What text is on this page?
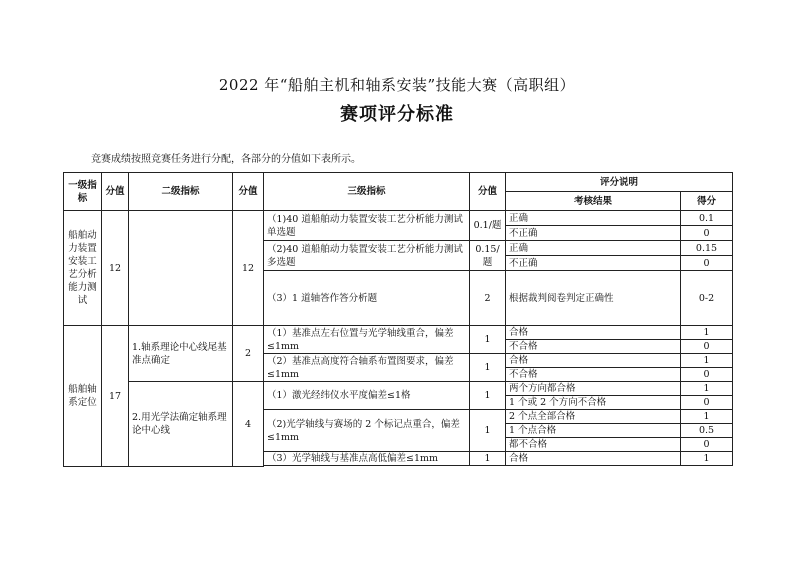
2022 年“船舶主机和轴系安装”技能大赛（高职组）
赛项评分标准
竞赛成绩按照竞赛任务进行分配，各部分的分值如下表所示。
一级指标	分值	二级指标	分值	三级指标	分值	评分说明	
						考核结果	得分
船舶动力装置安装工艺分析能力测试	12		12	（1)40 道船舶动力装置安装工艺分析能力测试单选题	0.1/题	正确	0.1
						不正确	0
				（2)40 道船舶动力装置安装工艺分析能力测试多选题	0.15/题	正确	0.15
						不正确	0
				（3）1 道轴答作答分析题	2	根据裁判阅卷判定正确性	0-2

船舶轴系定位	17	1.轴系理论中心线尾基准点确定	2	（1）基准点左右位置与光学轴线重合，偏差≤1mm	1	合格	1
						不合格	0
				（2）基准点高度符合轴系布置图要求，偏差≤1mm	1	合格	1
						不合格	0
		2.用光学法确定轴系理论中心线	4	（1）激光经纬仪水平度偏差≤1格	1	两个方向都合格	1
						1 个或 2 个方向不合格	0
				（2)光学轴线与赛场的 2 个标记点重合，偏差≤1mm	1	2 个点全部合格	1
						1 个点合格	0.5
						都不合格	0
				（3）光学轴线与基准点高低偏差≤1mm	1	合格	1
